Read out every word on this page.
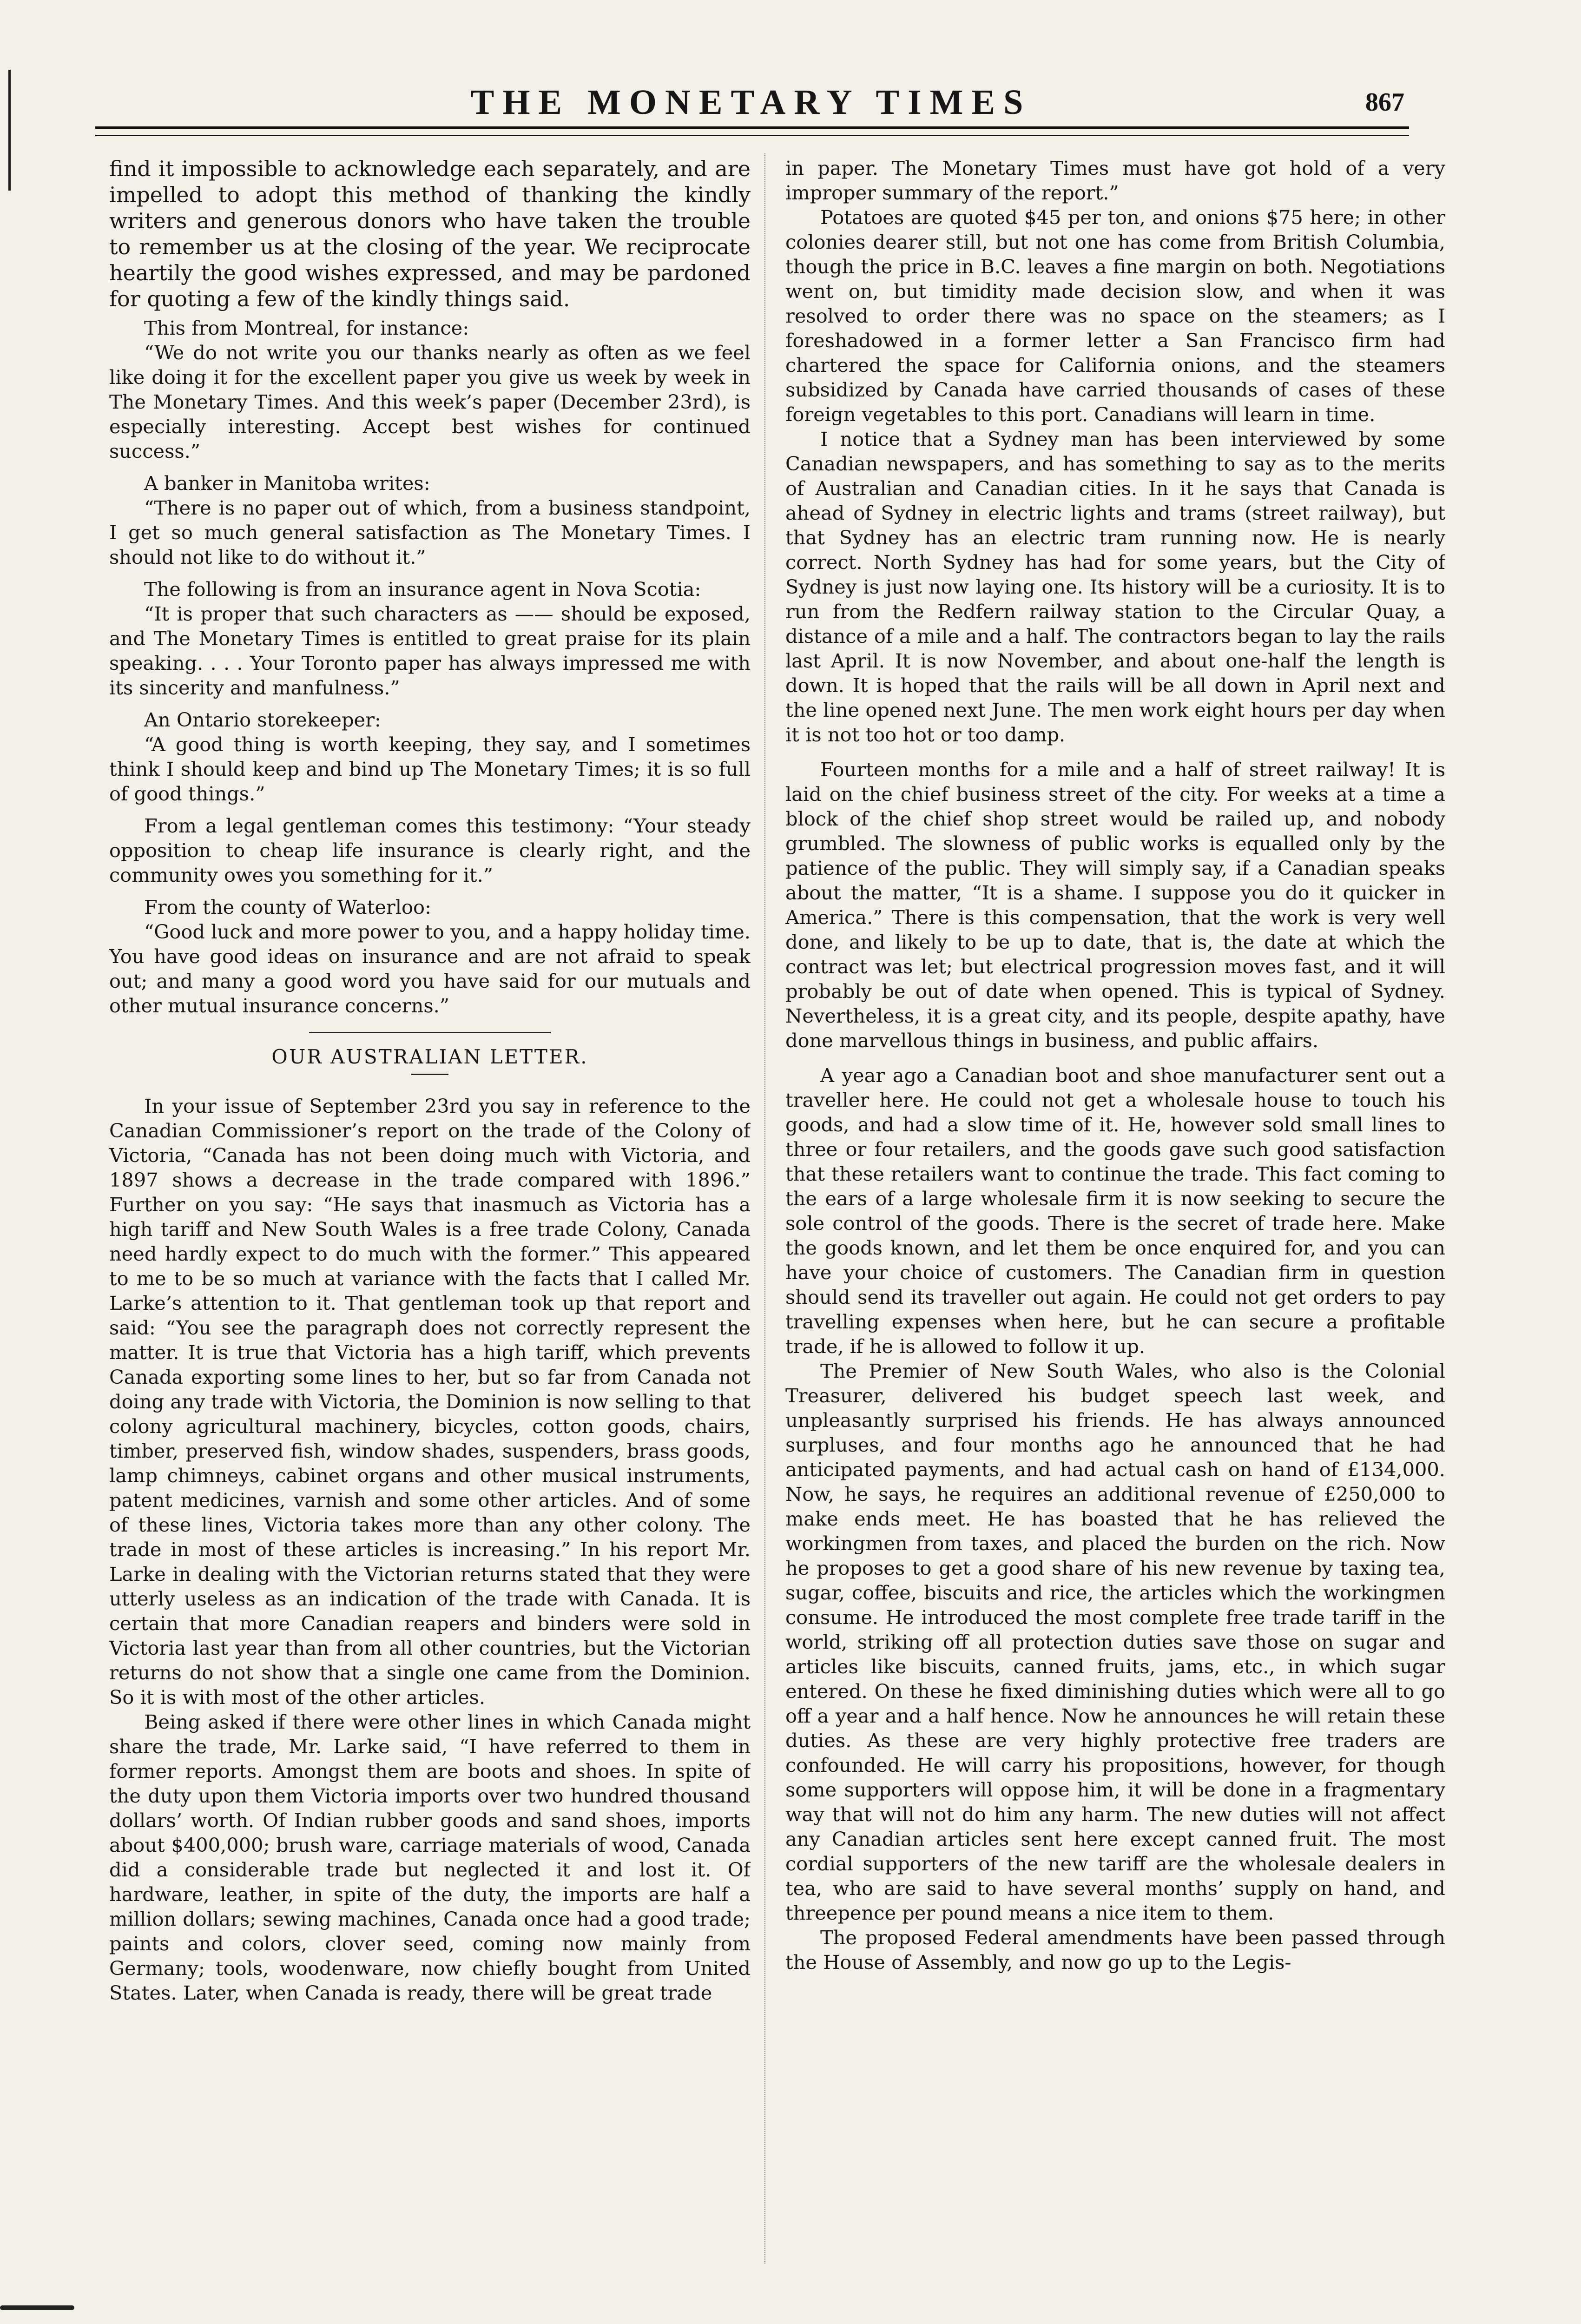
THE MONETARY TIMES	867

find it impossible to acknowledge each separately, and are impelled to adopt this method of thanking the kindly writers and generous donors who have taken the trouble to remember us at the closing of the year. We reciprocate heartily the good wishes expressed, and may be pardoned for quoting a few of the kindly things said.

This from Montreal, for instance:

“We do not write you our thanks nearly as often as we feel like doing it for the excellent paper you give us week by week in The Monetary Times. And this week’s paper (December 23rd), is especially interesting. Accept best wishes for continued success.”

A banker in Manitoba writes:

“There is no paper out of which, from a business standpoint, I get so much general satisfaction as The Monetary Times. I should not like to do without it.”

The following is from an insurance agent in Nova Scotia:

“It is proper that such characters as —— should be exposed, and The Monetary Times is entitled to great praise for its plain speaking. . . . Your Toronto paper has always impressed me with its sincerity and manfulness.”

An Ontario storekeeper:

“A good thing is worth keeping, they say, and I sometimes think I should keep and bind up The Monetary Times; it is so full of good things.”

From a legal gentleman comes this testimony: “Your steady opposition to cheap life insurance is clearly right, and the community owes you something for it.”

From the county of Waterloo:

“Good luck and more power to you, and a happy holiday time. You have good ideas on insurance and are not afraid to speak out; and many a good word you have said for our mutuals and other mutual insurance concerns.”

OUR AUSTRALIAN LETTER.

In your issue of September 23rd you say in reference to the Canadian Commissioner’s report on the trade of the Colony of Victoria, “Canada has not been doing much with Victoria, and 1897 shows a decrease in the trade compared with 1896.” Further on you say: “He says that inasmuch as Victoria has a high tariff and New South Wales is a free trade Colony, Canada need hardly expect to do much with the former.” This appeared to me to be so much at variance with the facts that I called Mr. Larke’s attention to it. That gentleman took up that report and said: “You see the paragraph does not correctly represent the matter. It is true that Victoria has a high tariff, which prevents Canada exporting some lines to her, but so far from Canada not doing any trade with Victoria, the Dominion is now selling to that colony agricultural machinery, bicycles, cotton goods, chairs, timber, preserved fish, window shades, suspenders, brass goods, lamp chimneys, cabinet organs and other musical instruments, patent medicines, varnish and some other articles. And of some of these lines, Victoria takes more than any other colony. The trade in most of these articles is increasing.” In his report Mr. Larke in dealing with the Victorian returns stated that they were utterly useless as an indication of the trade with Canada. It is certain that more Canadian reapers and binders were sold in Victoria last year than from all other countries, but the Victorian returns do not show that a single one came from the Dominion. So it is with most of the other articles.

Being asked if there were other lines in which Canada might share the trade, Mr. Larke said, “I have referred to them in former reports. Amongst them are boots and shoes. In spite of the duty upon them Victoria imports over two hundred thousand dollars’ worth. Of Indian rubber goods and sand shoes, imports about $400,000; brush ware, carriage materials of wood, Canada did a considerable trade but neglected it and lost it. Of hardware, leather, in spite of the duty, the imports are half a million dollars; sewing machines, Canada once had a good trade; paints and colors, clover seed, coming now mainly from Germany; tools, woodenware, now chiefly bought from United States. Later, when Canada is ready, there will be great trade

in paper. The Monetary Times must have got hold of a very improper summary of the report.”

Potatoes are quoted $45 per ton, and onions $75 here; in other colonies dearer still, but not one has come from British Columbia, though the price in B.C. leaves a fine margin on both. Negotiations went on, but timidity made decision slow, and when it was resolved to order there was no space on the steamers; as I foreshadowed in a former letter a San Francisco firm had chartered the space for California onions, and the steamers subsidized by Canada have carried thousands of cases of these foreign vegetables to this port. Canadians will learn in time.

I notice that a Sydney man has been interviewed by some Canadian newspapers, and has something to say as to the merits of Australian and Canadian cities. In it he says that Canada is ahead of Sydney in electric lights and trams (street railway), but that Sydney has an electric tram running now. He is nearly correct. North Sydney has had for some years, but the City of Sydney is just now laying one. Its history will be a curiosity. It is to run from the Redfern railway station to the Circular Quay, a distance of a mile and a half. The contractors began to lay the rails last April. It is now November, and about one-half the length is down. It is hoped that the rails will be all down in April next and the line opened next June. The men work eight hours per day when it is not too hot or too damp.

Fourteen months for a mile and a half of street railway! It is laid on the chief business street of the city. For weeks at a time a block of the chief shop street would be railed up, and nobody grumbled. The slowness of public works is equalled only by the patience of the public. They will simply say, if a Canadian speaks about the matter, “It is a shame. I suppose you do it quicker in America.” There is this compensation, that the work is very well done, and likely to be up to date, that is, the date at which the contract was let; but electrical progression moves fast, and it will probably be out of date when opened. This is typical of Sydney. Nevertheless, it is a great city, and its people, despite apathy, have done marvellous things in business, and public affairs.

A year ago a Canadian boot and shoe manufacturer sent out a traveller here. He could not get a wholesale house to touch his goods, and had a slow time of it. He, however sold small lines to three or four retailers, and the goods gave such good satisfaction that these retailers want to continue the trade. This fact coming to the ears of a large wholesale firm it is now seeking to secure the sole control of the goods. There is the secret of trade here. Make the goods known, and let them be once enquired for, and you can have your choice of customers. The Canadian firm in question should send its traveller out again. He could not get orders to pay travelling expenses when here, but he can secure a profitable trade, if he is allowed to follow it up.

The Premier of New South Wales, who also is the Colonial Treasurer, delivered his budget speech last week, and unpleasantly surprised his friends. He has always announced surpluses, and four months ago he announced that he had anticipated payments, and had actual cash on hand of £134,000. Now, he says, he requires an additional revenue of £250,000 to make ends meet. He has boasted that he has relieved the workingmen from taxes, and placed the burden on the rich. Now he proposes to get a good share of his new revenue by taxing tea, sugar, coffee, biscuits and rice, the articles which the workingmen consume. He introduced the most complete free trade tariff in the world, striking off all protection duties save those on sugar and articles like biscuits, canned fruits, jams, etc., in which sugar entered. On these he fixed diminishing duties which were all to go off a year and a half hence. Now he announces he will retain these duties. As these are very highly protective free traders are confounded. He will carry his propositions, however, for though some supporters will oppose him, it will be done in a fragmentary way that will not do him any harm. The new duties will not affect any Canadian articles sent here except canned fruit. The most cordial supporters of the new tariff are the wholesale dealers in tea, who are said to have several months’ supply on hand, and threepence per pound means a nice item to them.

The proposed Federal amendments have been passed through the House of Assembly, and now go up to the Legis-
